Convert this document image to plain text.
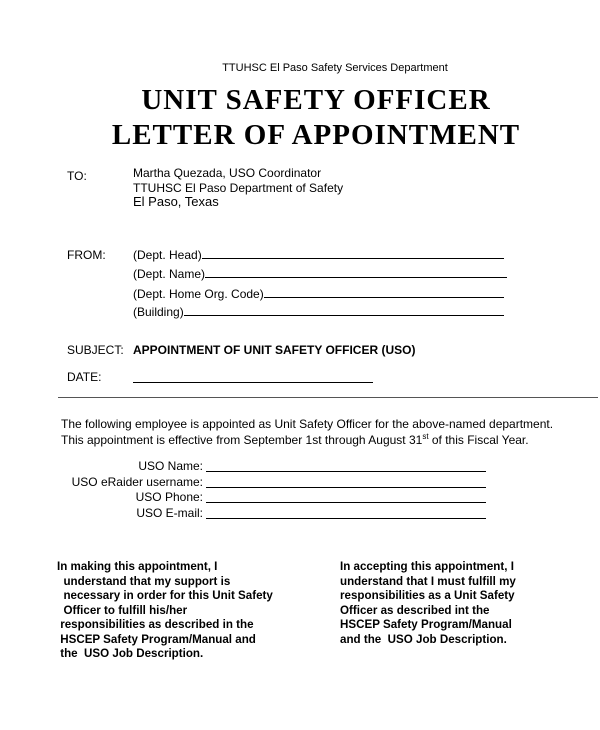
TTUHSC El Paso Safety Services Department
UNIT SAFETY OFFICER
LETTER OF APPOINTMENT
TO:	Martha Quezada, USO Coordinator
TTUHSC El Paso Department of Safety
El Paso, Texas
FROM: (Dept. Head)
(Dept. Name)
(Dept. Home Org. Code)
(Building)
SUBJECT: APPOINTMENT OF UNIT SAFETY OFFICER (USO)
DATE:
The following employee is appointed as Unit Safety Officer for the above-named department.
This appointment is effective from September 1st through August 31st of this Fiscal Year.
USO Name:
USO eRaider username:
USO Phone:
USO E-mail:
In making this appointment, I
understand that my support is
necessary in order for this Unit Safety
Officer to fulfill his/her
responsibilities as described in the
HSCEP Safety Program/Manual and
the  USO Job Description.
In accepting this appointment, I
understand that I must fulfill my
responsibilities as a Unit Safety
Officer as described int the
HSCEP Safety Program/Manual
and the  USO Job Description.
